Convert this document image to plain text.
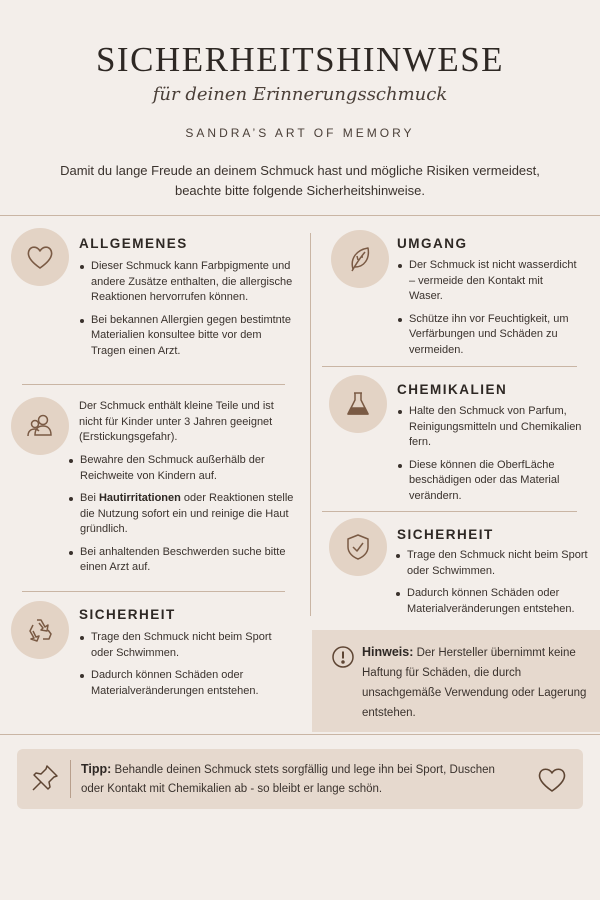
SICHERHEITSHINWESE
für deinen Erinnerungsschmuck
SANDRA’S ART OF MEMORY
Damit du lange Freude an deinem Schmuck hast und mögliche Risiken vermeidest, beachte bitte folgende Sicherheitshinweise.
ALLGEMENES
Dieser Schmuck kann Farbpigmente und andere Zusätze enthalten, die allergische Reaktionen hervorrufen können.
Bei bekannen Allergien gegen bestimtnte Materialien konsultee bitte vor dem Tragen einen Arzt.
Der Schmuck enthält kleine Teile und ist nicht für Kinder unter 3 Jahren geeignet (Erstickungsgefahr).
Bewahre den Schmuck außerhälb der Reichweite von Kindern auf.
Bei Hautirritationen oder Reaktionen stelle die Nutzung sofort ein und reinige die Haut gründlich.
Bei anhaltenden Beschwerden suche bitte einen Arzt auf.
SICHERHEIT
Trage den Schmuck nicht beim Sport oder Schwimmen.
Dadurch können Schäden oder Materialveränderungen entstehen.
UMGANG
Der Schmuck ist nicht wasserdicht – vermeide den Kontakt mit Waser.
Schütze ihn vor Feuchtigkeit, um Verfärbungen und Schäden zu vermeiden.
CHEMIKALIEN
Halte den Schmuck von Parfum, Reinigungsmitteln und Chemikalien fern.
Diese können die OberfLäche beschädigen oder das Material verändern.
SICHERHEIT
Trage den Schmuck nicht beim Sport oder Schwimmen.
Dadurch können Schäden oder Materialveränderungen entstehen.
Hinweis: Der Hersteller übernimmt keine Haftung für Schäden, die durch unsachgemäße Verwendung oder Lagerung entstehen.
Tipp: Behandle deinen Schmuck stets sorgfällig und lege ihn bei Sport, Duschen oder Kontakt mit Chemikalien ab - so bleibt er lange schön.
